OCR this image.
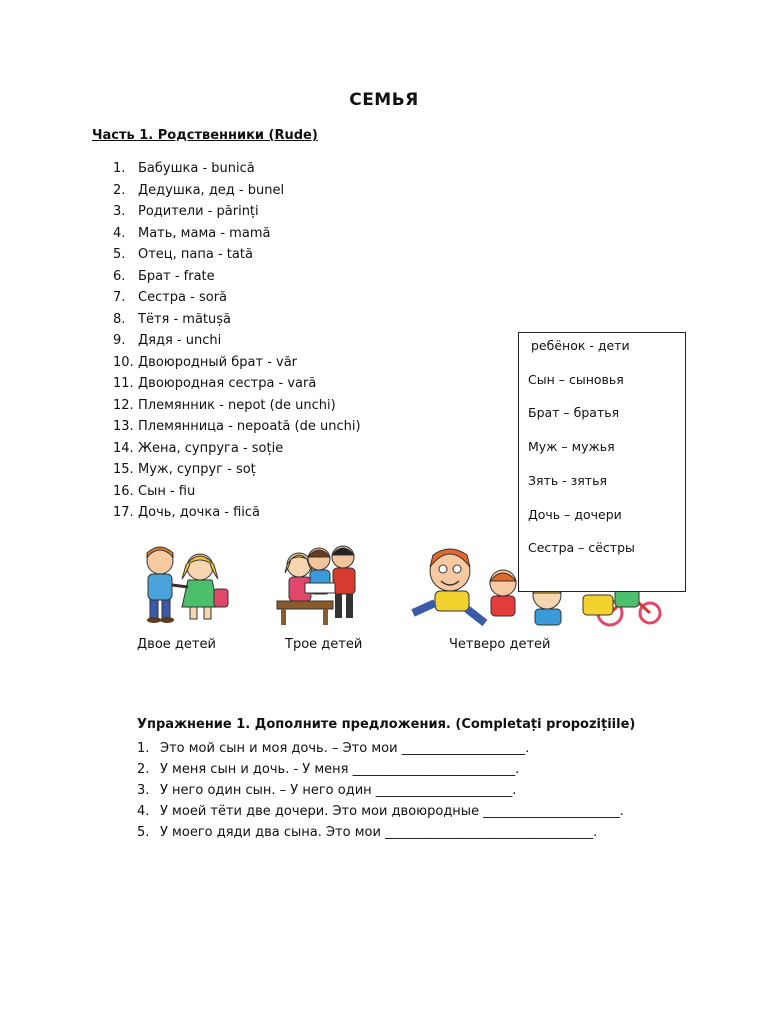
СЕМЬЯ
Часть 1. Родственники (Rude)
1. Бабушка - bunică
2. Дедушка, дед - bunel
3. Родители - părinți
4. Мать, мама - mamă
5. Отец, папа - tată
6. Брат - frate
7. Сестра - soră
8. Тётя - mătușă
9. Дядя - unchi
10. Двоюродный брат - văr
11. Двоюродная сестра - vară
12. Племянник - nepot (de unchi)
13. Племянница - nepoată (de unchi)
14. Жена, супруга - soție
15. Муж, супруг - soț
16. Сын - fiu
17. Дочь, дочка - fiică
ребёнок - дети
Сын – сыновья
Брат – братья
Муж – мужья
Зять - зятья
Дочь – дочери
Сестра – сёстры
Двое детей	Трое детей	Четверо детей
Упражнение 1. Дополните предложения. (Completați propozițiile)
1. Это мой сын и моя дочь. – Это мои ___________________.
2. У меня сын и дочь. - У меня _________________________.
3. У него один сын. – У него один _____________________.
4. У моей тёти две дочери. Это мои двоюродные _____________________.
5. У моего дяди два сына. Это мои ________________________________.
